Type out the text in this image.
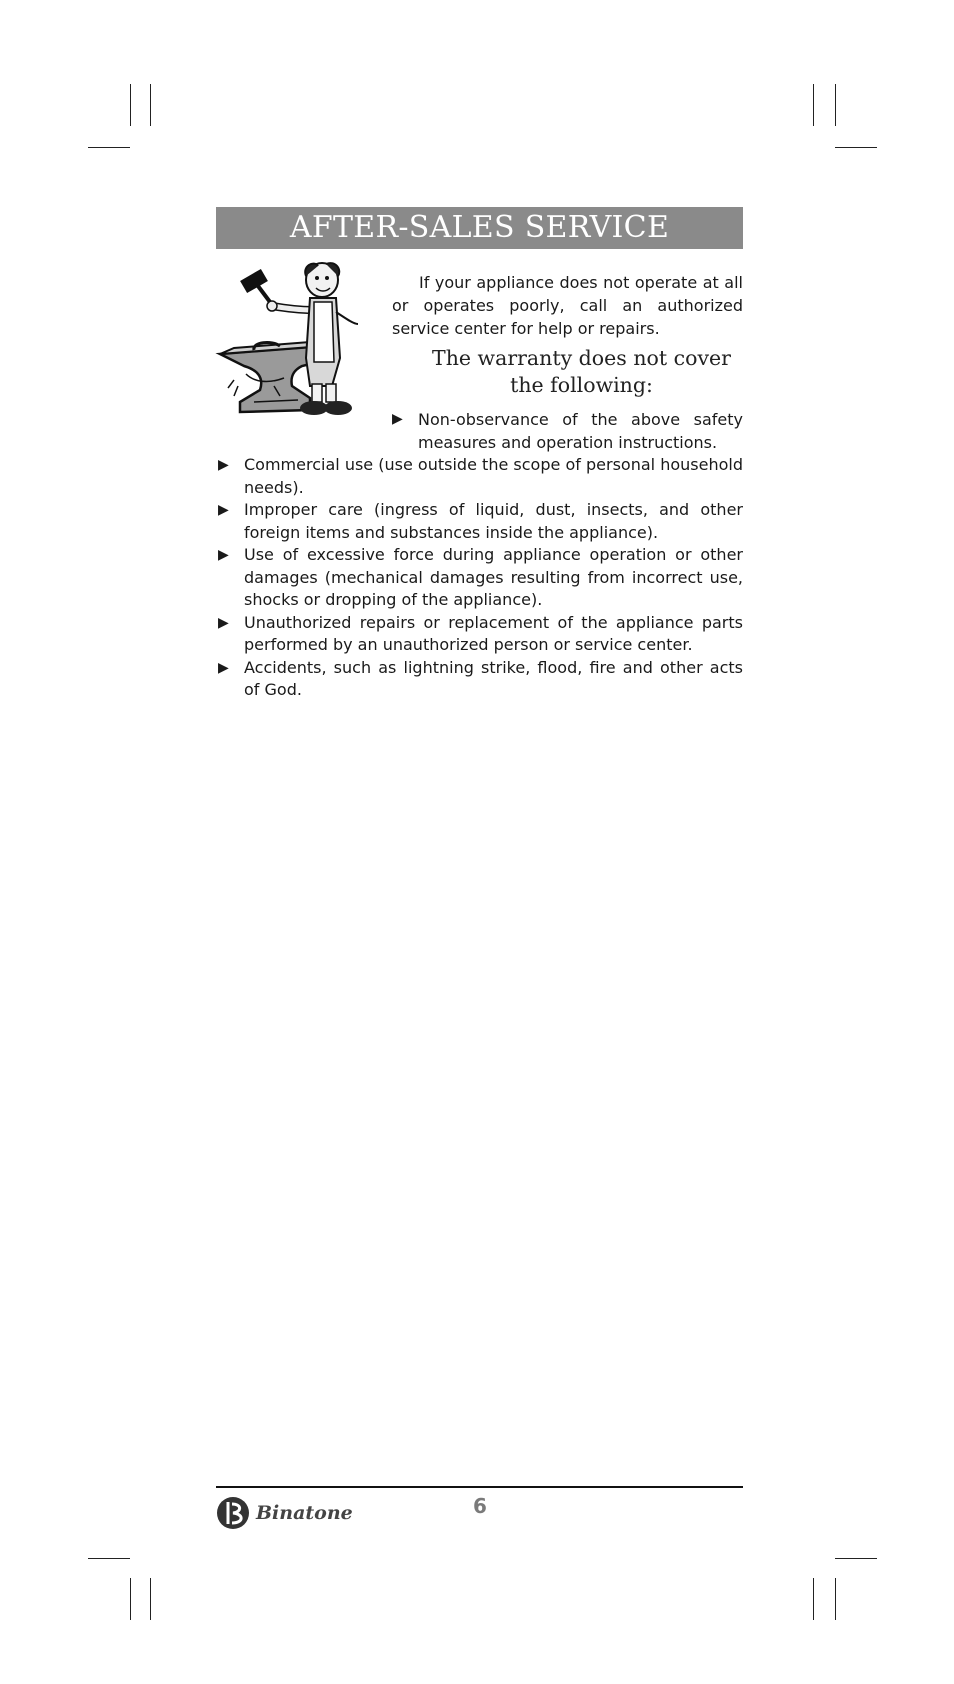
AFTER-SALES SERVICE
If your appliance does not operate at all or operates poorly, call an authorized service center for help or repairs.
The warranty does not cover
the following:
▶ Non-observance of the above safety measures and operation instructions.
▶ Commercial use (use outside the scope of personal household needs).
▶ Improper care (ingress of liquid, dust, insects, and other foreign items and substances inside the appliance).
▶ Use of excessive force during appliance operation or other damages (mechanical damages resulting from incorrect use, shocks or dropping of the appliance).
▶ Unauthorized repairs or replacement of the appliance parts performed by an unauthorized person or service center.
▶ Accidents, such as lightning strike, flood, fire and other acts of God.
Binatone	6
